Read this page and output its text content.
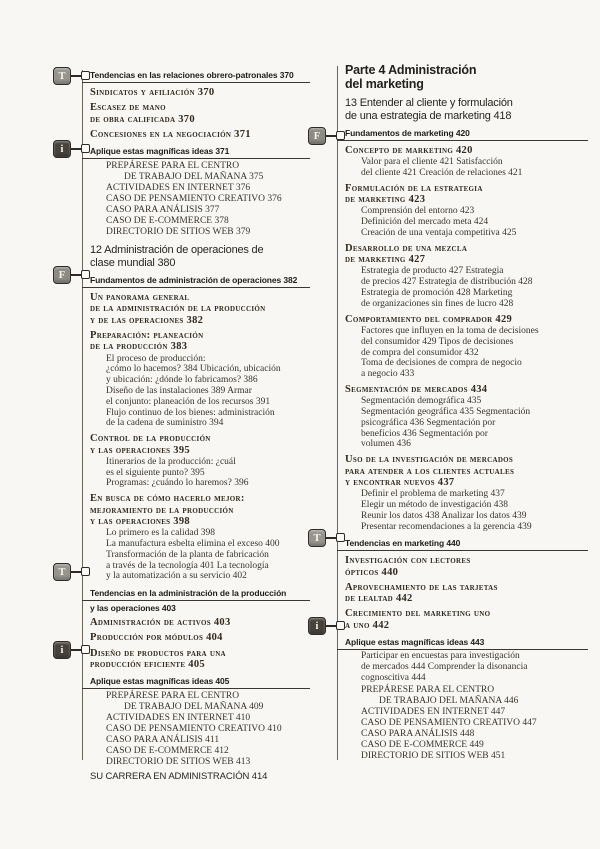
T
i
F
T
i
F
T
i
Tendencias en las relaciones obrero-patronales 370
Sindicatos y afiliación 370
Escasez de mano
de obra calificada 370
Concesiones en la negociación 371
Aplique estas magníficas ideas 371
PREPÁRESE PARA EL CENTRO
DE TRABAJO DEL MAÑANA 375
ACTIVIDADES EN INTERNET 376
CASO DE PENSAMIENTO CREATIVO 376
CASO PARA ANÁLISIS 377
CASO DE E-COMMERCE 378
DIRECTORIO DE SITIOS WEB 379
12 Administración de operaciones de
clase mundial 380
Fundamentos de administración de operaciones 382
Un panorama general
de la administración de la producción
y de las operaciones 382
Preparación: planeación
de la producción 383
El proceso de producción:
¿cómo lo hacemos? 384 Ubicación, ubicación
y ubicación: ¿dónde lo fabricamos? 386
Diseño de las instalaciones 389 Armar
el conjunto: planeación de los recursos 391
Flujo continuo de los bienes: administración
de la cadena de suministro 394
Control de la producción
y las operaciones 395
Itinerarios de la producción: ¿cuál
es el siguiente punto? 395
Programas: ¿cuándo lo haremos? 396
En busca de cómo hacerlo mejor:
mejoramiento de la producción
y las operaciones 398
Lo primero es la calidad 398
La manufactura esbelta elimina el exceso 400
Transformación de la planta de fabricación
a través de la tecnología 401 La tecnología
y la automatización a su servicio 402
Tendencias en la administración de la producción
y las operaciones 403
Administración de activos 403
Producción por módulos 404
Diseño de productos para una
producción eficiente 405
Aplique estas magníficas ideas 405
PREPÁRESE PARA EL CENTRO
DE TRABAJO DEL MAÑANA 409
ACTIVIDADES EN INTERNET 410
CASO DE PENSAMIENTO CREATIVO 410
CASO PARA ANÁLISIS 411
CASO DE E-COMMERCE 412
DIRECTORIO DE SITIOS WEB 413
SU CARRERA EN ADMINISTRACIÓN 414
Parte 4 Administración
del marketing
13 Entender al cliente y formulación
de una estrategia de marketing 418
Fundamentos de marketing 420
Concepto de marketing 420
Valor para el cliente 421 Satisfacción
del cliente 421 Creación de relaciones 421
Formulación de la estrategia
de marketing 423
Comprensión del entorno 423
Definición del mercado meta 424
Creación de una ventaja competitiva 425
Desarrollo de una mezcla
de marketing 427
Estrategia de producto 427 Estrategia
de precios 427 Estrategia de distribución 428
Estrategia de promoción 428 Marketing
de organizaciones sin fines de lucro 428
Comportamiento del comprador 429
Factores que influyen en la toma de decisiones
del consumidor 429 Tipos de decisiones
de compra del consumidor 432
Toma de decisiones de compra de negocio
a negocio 433
Segmentación de mercados 434
Segmentación demográfica 435
Segmentación geográfica 435 Segmentación
psicográfica 436 Segmentación por
beneficios 436 Segmentación por
volumen 436
Uso de la investigación de mercados
para atender a los clientes actuales
y encontrar nuevos 437
Definir el problema de marketing 437
Elegir un método de investigación 438
Reunir los datos 438 Analizar los datos 439
Presentar recomendaciones a la gerencia 439
Tendencias en marketing 440
Investigación con lectores
ópticos 440
Aprovechamiento de las tarjetas
de lealtad 442
Crecimiento del marketing uno
a uno 442
Aplique estas magníficas ideas 443
Participar en encuestas para investigación
de mercados 444 Comprender la disonancia
cognoscitiva 444
PREPÁRESE PARA EL CENTRO
DE TRABAJO DEL MAÑANA 446
ACTIVIDADES EN INTERNET 447
CASO DE PENSAMIENTO CREATIVO 447
CASO PARA ANÁLISIS 448
CASO DE E-COMMERCE 449
DIRECTORIO DE SITIOS WEB 451
